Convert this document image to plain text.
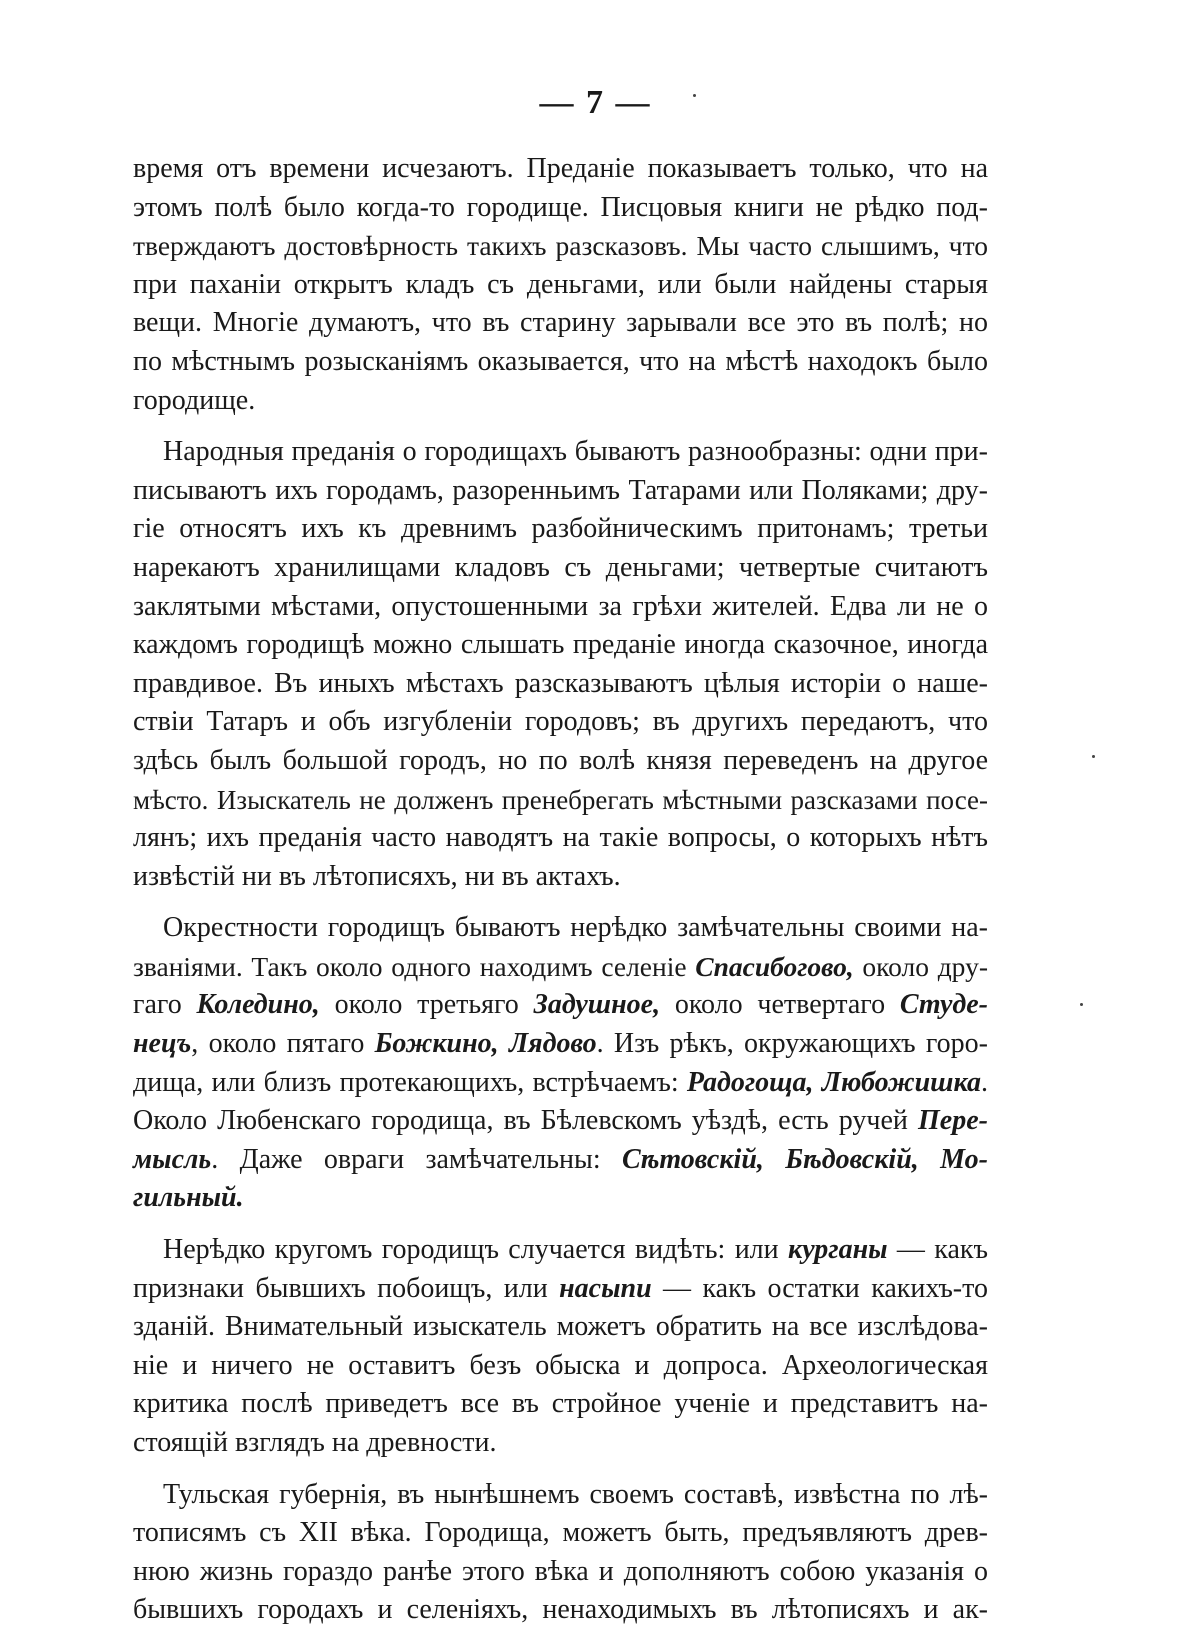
— 7 —
время отъ времени исчезаютъ. Преданіе показываетъ только, что на
этомъ полѣ было когда-то городище. Писцовыя книги не рѣдко под-
тверждаютъ достовѣрность такихъ разсказовъ. Мы часто слышимъ, что
при паханіи открытъ кладъ съ деньгами, или были найдены старыя
вещи. Многіе думаютъ, что въ старину зарывали все это въ полѣ; но
по мѣстнымъ розысканіямъ оказывается, что на мѣстѣ находокъ было
городище.
Народныя преданія о городищахъ бываютъ разнообразны: одни при-
писываютъ ихъ городамъ, разоренньимъ Татарами или Поляками; дру-
гіе относятъ ихъ къ древнимъ разбойническимъ притонамъ; третьи
нарекаютъ хранилищами кладовъ съ деньгами; четвертые считаютъ
заклятыми мѣстами, опустошенными за грѣхи жителей. Едва ли не о
каждомъ городищѣ можно слышать преданіе иногда сказочное, иногда
правдивое. Въ иныхъ мѣстахъ разсказываютъ цѣлыя исторіи о наше-
ствіи Татаръ и объ изгубленіи городовъ; въ другихъ передаютъ, что
здѣсь былъ большой городъ, но по волѣ князя переведенъ на другое
мѣсто. Изыскатель не долженъ пренебрегать мѣстными разсказами посе-
лянъ; ихъ преданія часто наводятъ на такіе вопросы, о которыхъ нѣтъ
извѣстій ни въ лѣтописяхъ, ни въ актахъ.
Окрестности городищъ бываютъ нерѣдко замѣчательны своими на-
званіями. Такъ около одного находимъ селеніе Спасибогово, около дру-
гаго Коледино, около третьяго Задушное, около четвертаго Студе-
нецъ, около пятаго Божкино, Лядово. Изъ рѣкъ, окружающихъ горо-
дища, или близъ протекающихъ, встрѣчаемъ: Радогоща, Любожишка.
Около Любенскаго городища, въ Бѣлевскомъ уѣздѣ, есть ручей Пере-
мысль. Даже овраги замѣчательны: Сѣтовскій, Бѣдовскій, Мо-
гильный.
Нерѣдко кругомъ городищъ случается видѣть: или курганы — какъ
признаки бывшихъ побоищъ, или насыпи — какъ остатки какихъ-то
зданій. Внимательный изыскатель можетъ обратить на все изслѣдова-
ніе и ничего не оставитъ безъ обыска и допроса. Археологическая
критика послѣ приведетъ все въ стройное ученіе и представитъ на-
стоящій взглядъ на древности.
Тульская губернія, въ нынѣшнемъ своемъ составѣ, извѣстна по лѣ-
тописямъ съ XII вѣка. Городища, можетъ быть, предъявляютъ древ-
нюю жизнь гораздо ранѣе этого вѣка и дополняютъ собою указанія о
бывшихъ городахъ и селеніяхъ, ненаходимыхъ въ лѣтописяхъ и ак-
